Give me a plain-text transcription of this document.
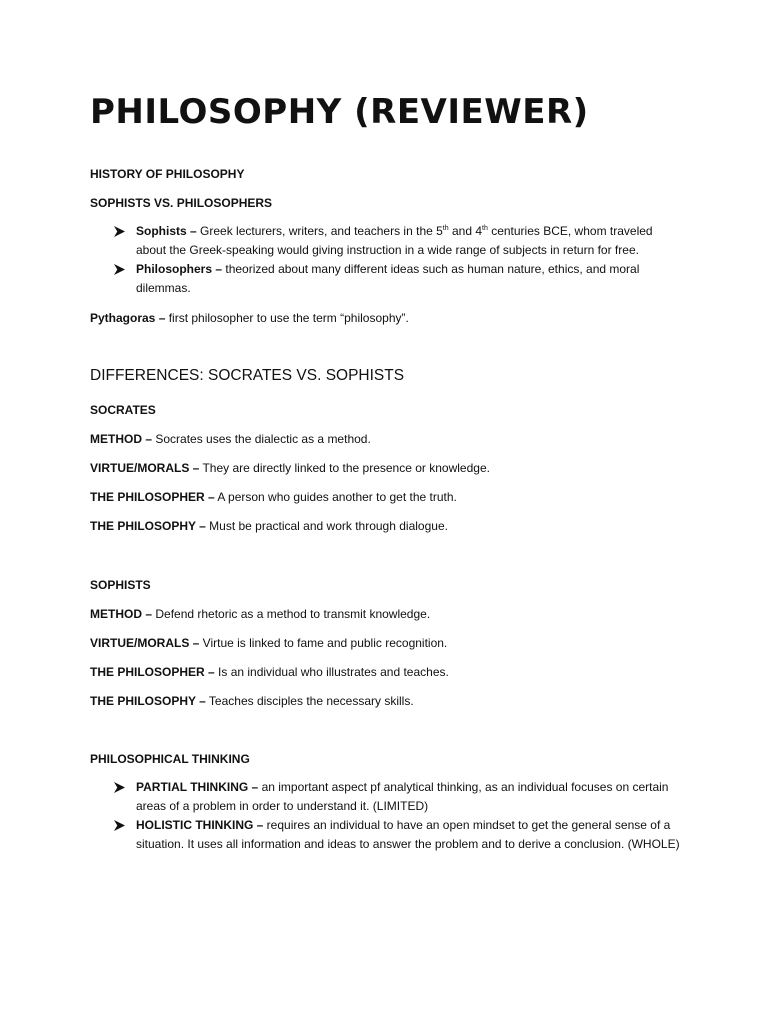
PHILOSOPHY (REVIEWER)

HISTORY OF PHILOSOPHY

SOPHISTS VS. PHILOSOPHERS

Sophists – Greek lecturers, writers, and teachers in the 5th and 4th centuries BCE, whom traveled about the Greek-speaking would giving instruction in a wide range of subjects in return for free.
Philosophers – theorized about many different ideas such as human nature, ethics, and moral dilemmas.

Pythagoras – first philosopher to use the term “philosophy”.

DIFFERENCES: SOCRATES VS. SOPHISTS

SOCRATES

METHOD – Socrates uses the dialectic as a method.

VIRTUE/MORALS – They are directly linked to the presence or knowledge.

THE PHILOSOPHER – A person who guides another to get the truth.

THE PHILOSOPHY – Must be practical and work through dialogue.

SOPHISTS

METHOD – Defend rhetoric as a method to transmit knowledge.

VIRTUE/MORALS – Virtue is linked to fame and public recognition.

THE PHILOSOPHER – Is an individual who illustrates and teaches.

THE PHILOSOPHY – Teaches disciples the necessary skills.

PHILOSOPHICAL THINKING

PARTIAL THINKING – an important aspect pf analytical thinking, as an individual focuses on certain areas of a problem in order to understand it. (LIMITED)
HOLISTIC THINKING – requires an individual to have an open mindset to get the general sense of a situation. It uses all information and ideas to answer the problem and to derive a conclusion. (WHOLE)
